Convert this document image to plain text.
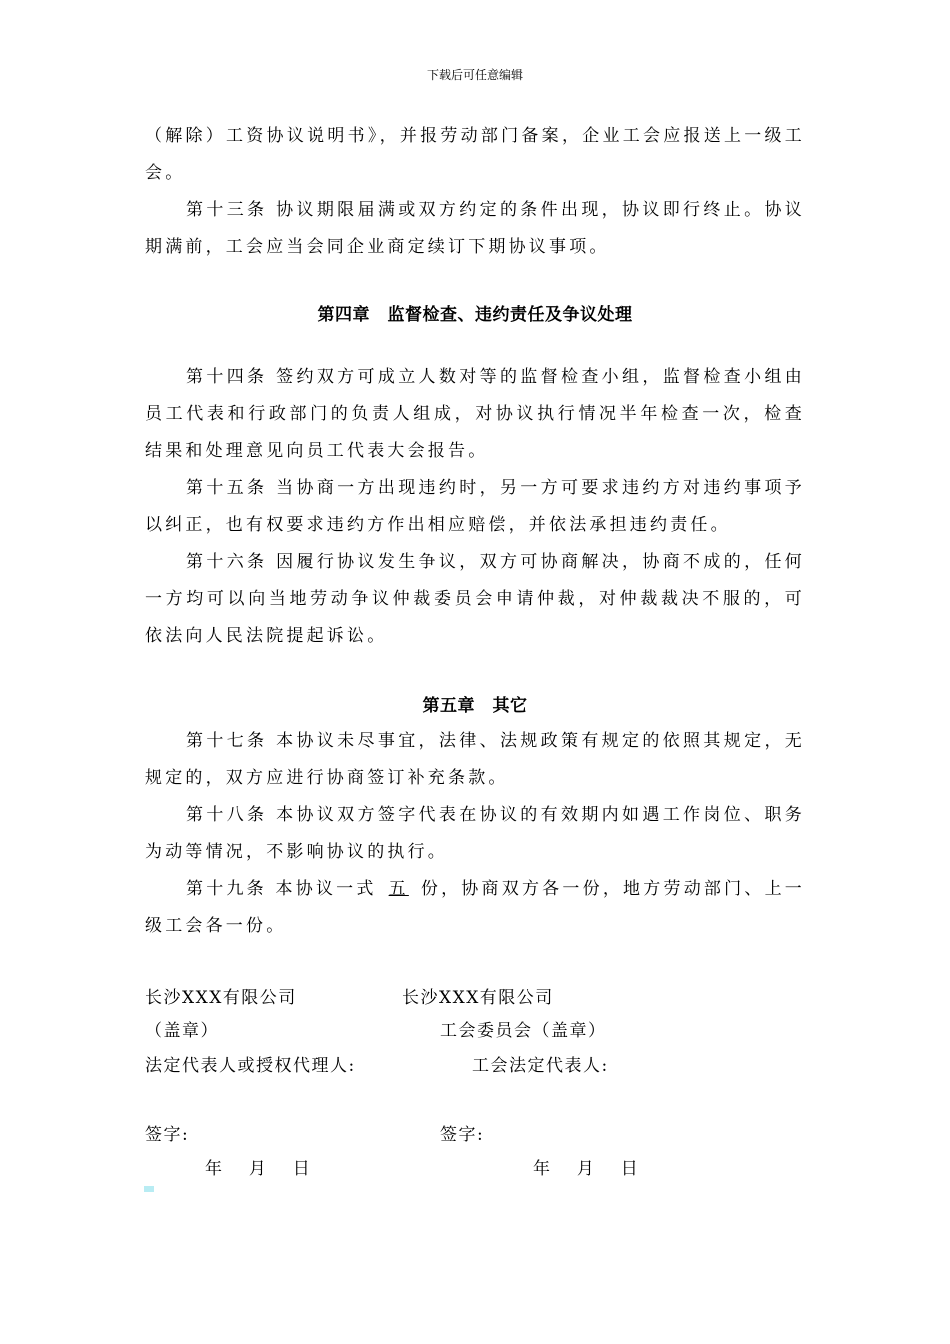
下载后可任意编辑

（解除）工资协议说明书》，并报劳动部门备案，企业工会应报送上一级工会。

第十三条 协议期限届满或双方约定的条件出现，协议即行终止。协议期满前，工会应当会同企业商定续订下期协议事项。

第四章　监督检查、违约责任及争议处理

第十四条 签约双方可成立人数对等的监督检查小组，监督检查小组由员工代表和行政部门的负责人组成，对协议执行情况半年检查一次，检查结果和处理意见向员工代表大会报告。

第十五条 当协商一方出现违约时，另一方可要求违约方对违约事项予以纠正，也有权要求违约方作出相应赔偿，并依法承担违约责任。

第十六条 因履行协议发生争议，双方可协商解决，协商不成的，任何一方均可以向当地劳动争议仲裁委员会申请仲裁，对仲裁裁决不服的，可依法向人民法院提起诉讼。

第五章　其它

第十七条 本协议未尽事宜，法律、法规政策有规定的依照其规定，无规定的，双方应进行协商签订补充条款。

第十八条 本协议双方签字代表在协议的有效期内如遇工作岗位、职务为动等情况，不影响协议的执行。

第十九条 本协议一式 五 份，协商双方各一份，地方劳动部门、上一级工会各一份。

长沙XXX有限公司	长沙XXX有限公司
（盖章）	工会委员会（盖章）
法定代表人或授权代理人:	工会法定代表人:
签字:	签字:
年　 月　 日	年　 月　 日
